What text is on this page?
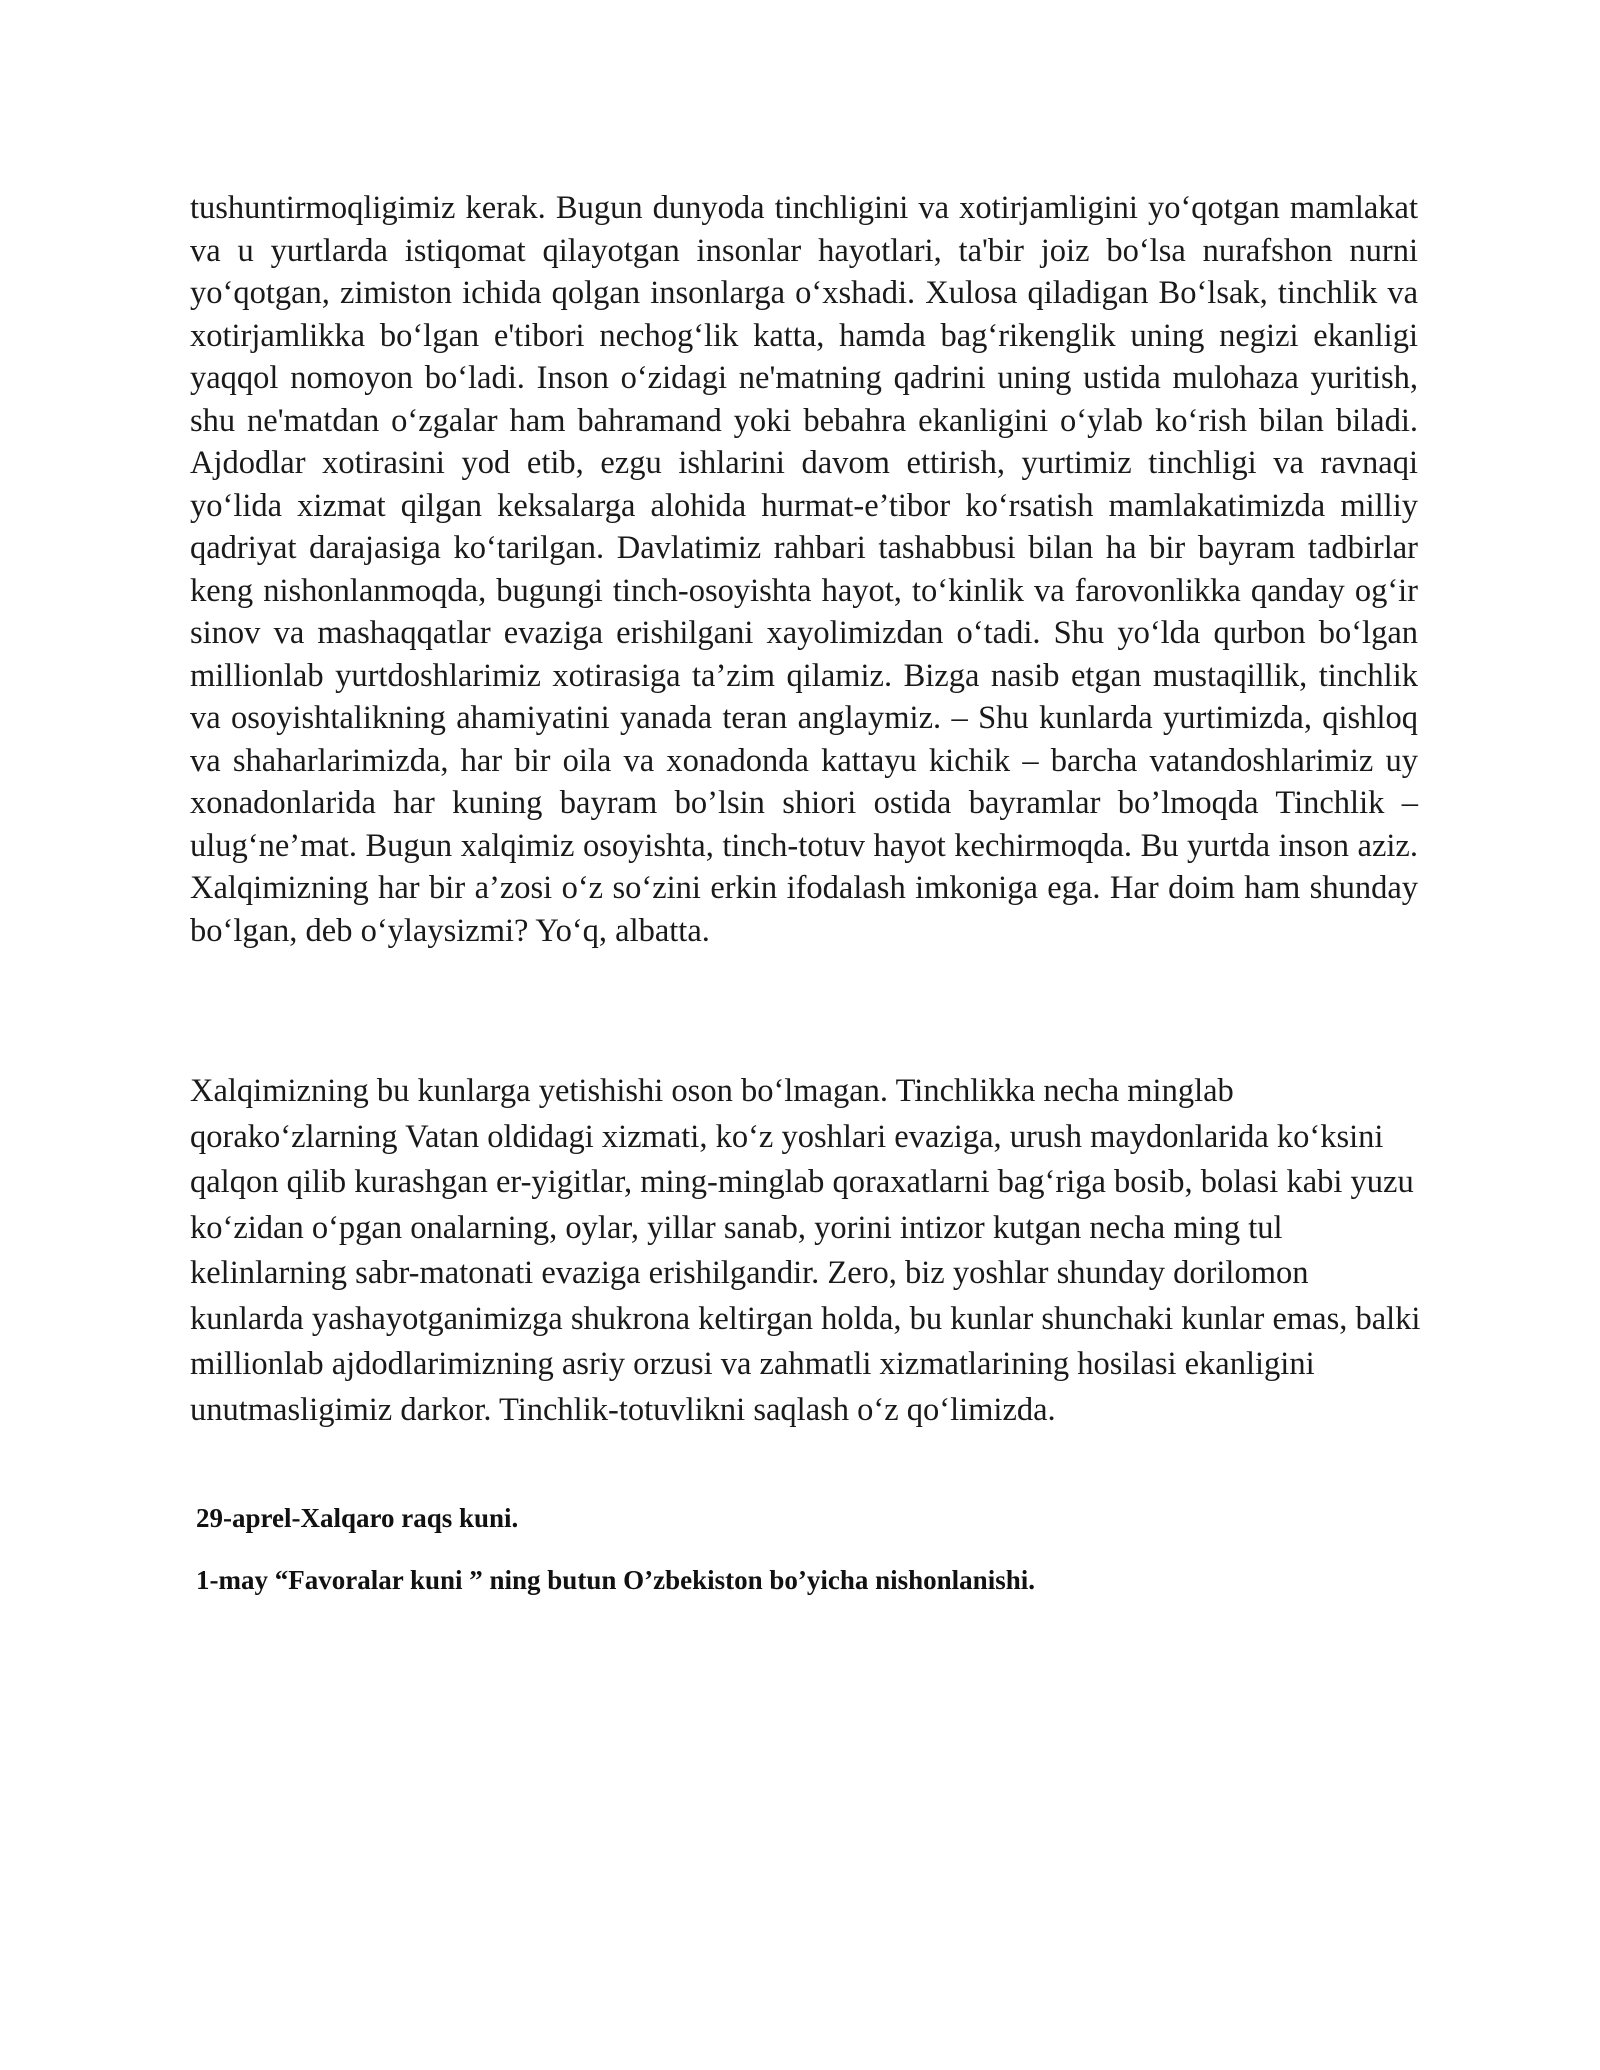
tushuntirmoqligimiz kerak. Bugun dunyoda tinchligini va xotirjamligini yo‘qotgan mamlakat va u yurtlarda istiqomat qilayotgan insonlar hayotlari, ta'bir joiz bo‘lsa nurafshon nurni yo‘qotgan, zimiston ichida qolgan insonlarga o‘xshadi. Xulosa qiladigan Bo‘lsak, tinchlik va xotirjamlikka bo‘lgan e'tibori nechog‘lik katta, hamda bag‘rikenglik uning negizi ekanligi yaqqol nomoyon bo‘ladi. Inson o‘zidagi ne'matning qadrini uning ustida mulohaza yuritish, shu ne'matdan o‘zgalar ham bahramand yoki bebahra ekanligini o‘ylab ko‘rish bilan biladi. Ajdodlar xotirasini yod etib, ezgu ishlarini davom ettirish, yurtimiz tinchligi va ravnaqi yo‘lida xizmat qilgan keksalarga alohida hurmat-e’tibor ko‘rsatish mamlakatimizda milliy qadriyat darajasiga ko‘tarilgan. Davlatimiz rahbari tashabbusi bilan ha bir bayram tadbirlar keng nishonlanmoqda, bugungi tinch-osoyishta hayot, to‘kinlik va farovonlikka qanday og‘ir sinov va mashaqqatlar evaziga erishilgani xayolimizdan o‘tadi. Shu yo‘lda qurbon bo‘lgan millionlab yurtdoshlarimiz xotirasiga ta’zim qilamiz. Bizga nasib etgan mustaqillik, tinchlik va osoyishtalikning ahamiyatini yanada teran anglaymiz. – Shu kunlarda yurtimizda, qishloq va shaharlarimizda, har bir oila va xonadonda kattayu kichik – barcha vatandoshlarimiz uy xonadonlarida har kuning bayram bo’lsin shiori ostida bayramlar bo’lmoqda Tinchlik – ulug‘ne’mat. Bugun xalqimiz osoyishta, tinch-totuv hayot kechirmoqda. Bu yurtda inson aziz. Xalqimizning har bir a’zosi o‘z so‘zini erkin ifodalash imkoniga ega. Har doim ham shunday bo‘lgan, deb o‘ylaysizmi? Yo‘q, albatta.

Xalqimizning bu kunlarga yetishishi oson bo‘lmagan. Tinchlikka necha minglab qorako‘zlarning Vatan oldidagi xizmati, ko‘z yoshlari evaziga, urush maydonlarida ko‘ksini qalqon qilib kurashgan er-yigitlar, ming-minglab qoraxatlarni bag‘riga bosib, bolasi kabi yuzu ko‘zidan o‘pgan onalarning, oylar, yillar sanab, yorini intizor kutgan necha ming tul kelinlarning sabr-matonati evaziga erishilgandir. Zero, biz yoshlar shunday dorilomon kunlarda yashayotganimizga shukrona keltirgan holda, bu kunlar shunchaki kunlar emas, balki millionlab ajdodlarimizning asriy orzusi va zahmatli xizmatlarining hosilasi ekanligini unutmasligimiz darkor. Tinchlik-totuvlikni saqlash o‘z qo‘limizda.

29-aprel-Xalqaro raqs kuni.

1-may “Favoralar kuni ” ning butun O’zbekiston bo’yicha nishonlanishi.
